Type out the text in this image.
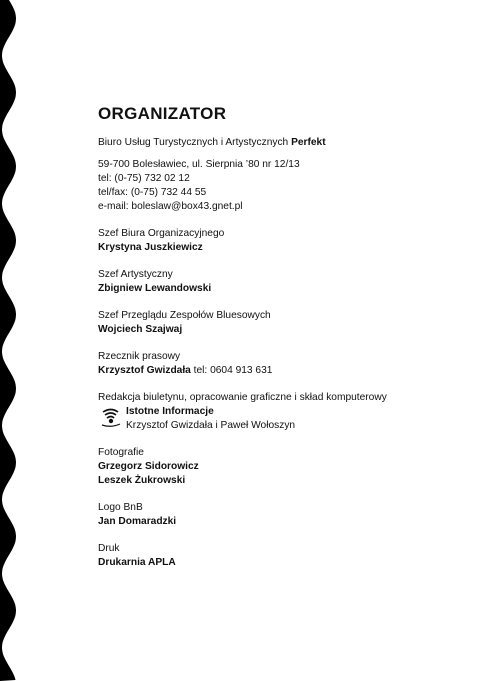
ORGANIZATOR
Biuro Usług Turystycznych i Artystycznych Perfekt
59-700 Bolesławiec, ul. Sierpnia ’80 nr 12/13
tel: (0-75) 732 02 12
tel/fax: (0-75) 732 44 55
e-mail: boleslaw@box43.gnet.pl
Szef Biura Organizacyjnego
Krystyna Juszkiewicz
Szef Artystyczny
Zbigniew Lewandowski
Szef Przeglądu Zespołów Bluesowych
Wojciech Szajwaj
Rzecznik prasowy
Krzysztof Gwizdała tel: 0604 913 631
Redakcja biuletynu, opracowanie graficzne i skład komputerowy
Istotne Informacje
Krzysztof Gwizdała i Paweł Wołoszyn
Fotografie
Grzegorz Sidorowicz
Leszek Żukrowski
Logo BnB
Jan Domaradzki
Druk
Drukarnia APLA
